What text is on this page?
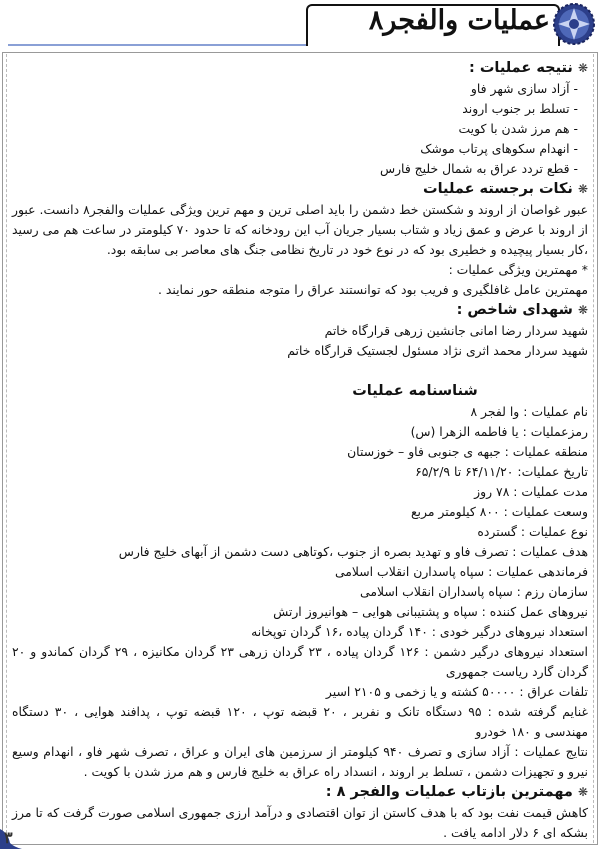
عملیات والفجر۸
❋ نتیجه عملیات :
- آزاد سازی شهر فاو
- تسلط بر جنوب اروند
- هم مرز شدن با کویت
- انهدام سکوهای پرتاب موشک
- قطع تردد عراق به شمال خلیج فارس
❋ نکات برجسته عملیات
عبور غواصان از اروند و شکستن خط دشمن را باید اصلی ترین و مهم ترین ویژگی عملیات والفجر۸ دانست. عبور از اروند با عرض و عمق زیاد و شتاب بسیار جریان آب این رودخانه که تا حدود ۷۰ کیلومتر در ساعت هم می رسید ،کار بسیار پیچیده و خطیری بود که در نوع خود در تاریخ نظامی جنگ های معاصر بی سابقه بود.
* مهمترین ویژگی عملیات :
مهمترین عامل غافلگیری و فریب بود که توانستند عراق را متوجه منطقه حور نمایند .
❋ شهدای شاخص :
شهید سردار رضا امانی جانشین زرهی قرارگاه خاتم
شهید سردار محمد اثری نژاد مسئول لجستیک قرارگاه خاتم
شناسنامه عملیات
نام عملیات : وا لفجر ۸
رمزعملیات : یا فاطمه الزهرا (س)
منطقه عملیات : جبهه ی جنوبی فاو – خوزستان
تاریخ عملیات: ۶۴/۱۱/۲۰ تا ۶۵/۲/۹
مدت عملیات : ۷۸ روز
وسعت عملیات : ۸۰۰ کیلومتر مربع
نوع عملیات : گسترده
هدف عملیات : تصرف فاو و تهدید بصره از جنوب ،کوتاهی دست دشمن از آبهای خلیج فارس
فرماندهی عملیات : سپاه پاسدارن انقلاب اسلامی
سازمان رزم : سپاه پاسداران انقلاب اسلامی
نیروهای عمل کننده : سپاه و پشتیبانی هوایی – هوانیروز ارتش
استعداد نیروهای درگیر خودی : ۱۴۰ گردان پیاده ،۱۶ گردان توپخانه
استعداد نیروهای درگیر دشمن : ۱۲۶ گردان پیاده ، ۲۳ گردان زرهی ۲۳ گردان مکانیزه ، ۲۹ گردان کماندو و ۲۰ گردان گارد ریاست جمهوری
تلفات عراق : ۵۰۰۰۰ کشته و یا زخمی و ۲۱۰۵ اسیر
غنایم گرفته شده : ۹۵ دستگاه تانک و نفربر ، ۲۰ قبضه توپ ، ۱۲۰ قبضه توپ ، پدافند هوایی ، ۳۰ دستگاه مهندسی و ۱۸۰ خودرو
نتایج عملیات : آزاد سازی و تصرف ۹۴۰ کیلومتر از سرزمین های ایران و عراق ، تصرف شهر فاو ، انهدام وسیع نیرو و تجهیزات دشمن ، تسلط بر اروند ، انسداد راه عراق به خلیج فارس و هم مرز شدن با کویت .
❋ مهمترین بازتاب عملیات والفجر ۸ :
کاهش قیمت نفت بود که با هدف کاستن از توان اقتصادی و درآمد ارزی جمهوری اسلامی صورت گرفت که تا مرز بشکه ای ۶ دلار ادامه یافت .
۳
